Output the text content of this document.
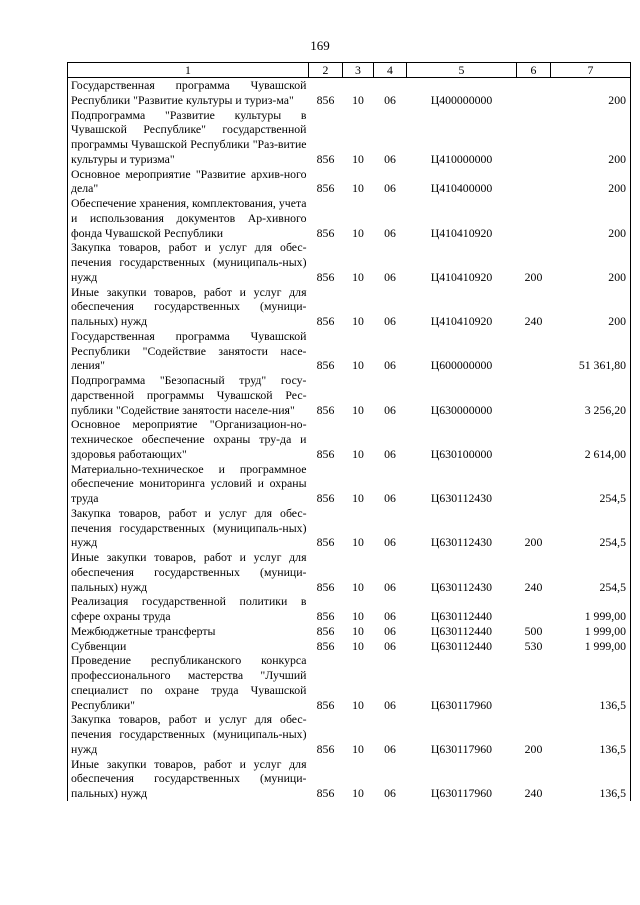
169
1	2	3	4	5	6	7
Государственная программа Чувашской Республики "Развитие культуры и туриз-ма"	856	10	06	Ц400000000		200
Подпрограмма "Развитие культуры в Чувашской Республике" государственной программы Чувашской Республики "Раз-витие культуры и туризма"	856	10	06	Ц410000000		200
Основное мероприятие "Развитие архив-ного дела"	856	10	06	Ц410400000		200
Обеспечение хранения, комплектования, учета и использования документов Ар-хивного фонда Чувашской Республики	856	10	06	Ц410410920		200
Закупка товаров, работ и услуг для обес-печения государственных (муниципаль-ных) нужд	856	10	06	Ц410410920	200	200
Иные закупки товаров, работ и услуг для обеспечения государственных (муници-пальных) нужд	856	10	06	Ц410410920	240	200
Государственная программа Чувашской Республики "Содействие занятости насе-ления"	856	10	06	Ц600000000		51 361,80
Подпрограмма "Безопасный труд" госу-дарственной программы Чувашской Рес-публики "Содействие занятости населе-ния"	856	10	06	Ц630000000		3 256,20
Основное мероприятие "Организацион-но-техническое обеспечение охраны тру-да и здоровья работающих"	856	10	06	Ц630100000		2 614,00
Материально-техническое и программное обеспечение мониторинга условий и охраны труда	856	10	06	Ц630112430		254,5
Закупка товаров, работ и услуг для обес-печения государственных (муниципаль-ных) нужд	856	10	06	Ц630112430	200	254,5
Иные закупки товаров, работ и услуг для обеспечения государственных (муници-пальных) нужд	856	10	06	Ц630112430	240	254,5
Реализация государственной политики в сфере охраны труда	856	10	06	Ц630112440		1 999,00
Межбюджетные трансферты	856	10	06	Ц630112440	500	1 999,00
Субвенции	856	10	06	Ц630112440	530	1 999,00
Проведение республиканского конкурса профессионального мастерства "Лучший специалист по охране труда Чувашской Республики"	856	10	06	Ц630117960		136,5
Закупка товаров, работ и услуг для обес-печения государственных (муниципаль-ных) нужд	856	10	06	Ц630117960	200	136,5
Иные закупки товаров, работ и услуг для обеспечения государственных (муници-пальных) нужд	856	10	06	Ц630117960	240	136,5
